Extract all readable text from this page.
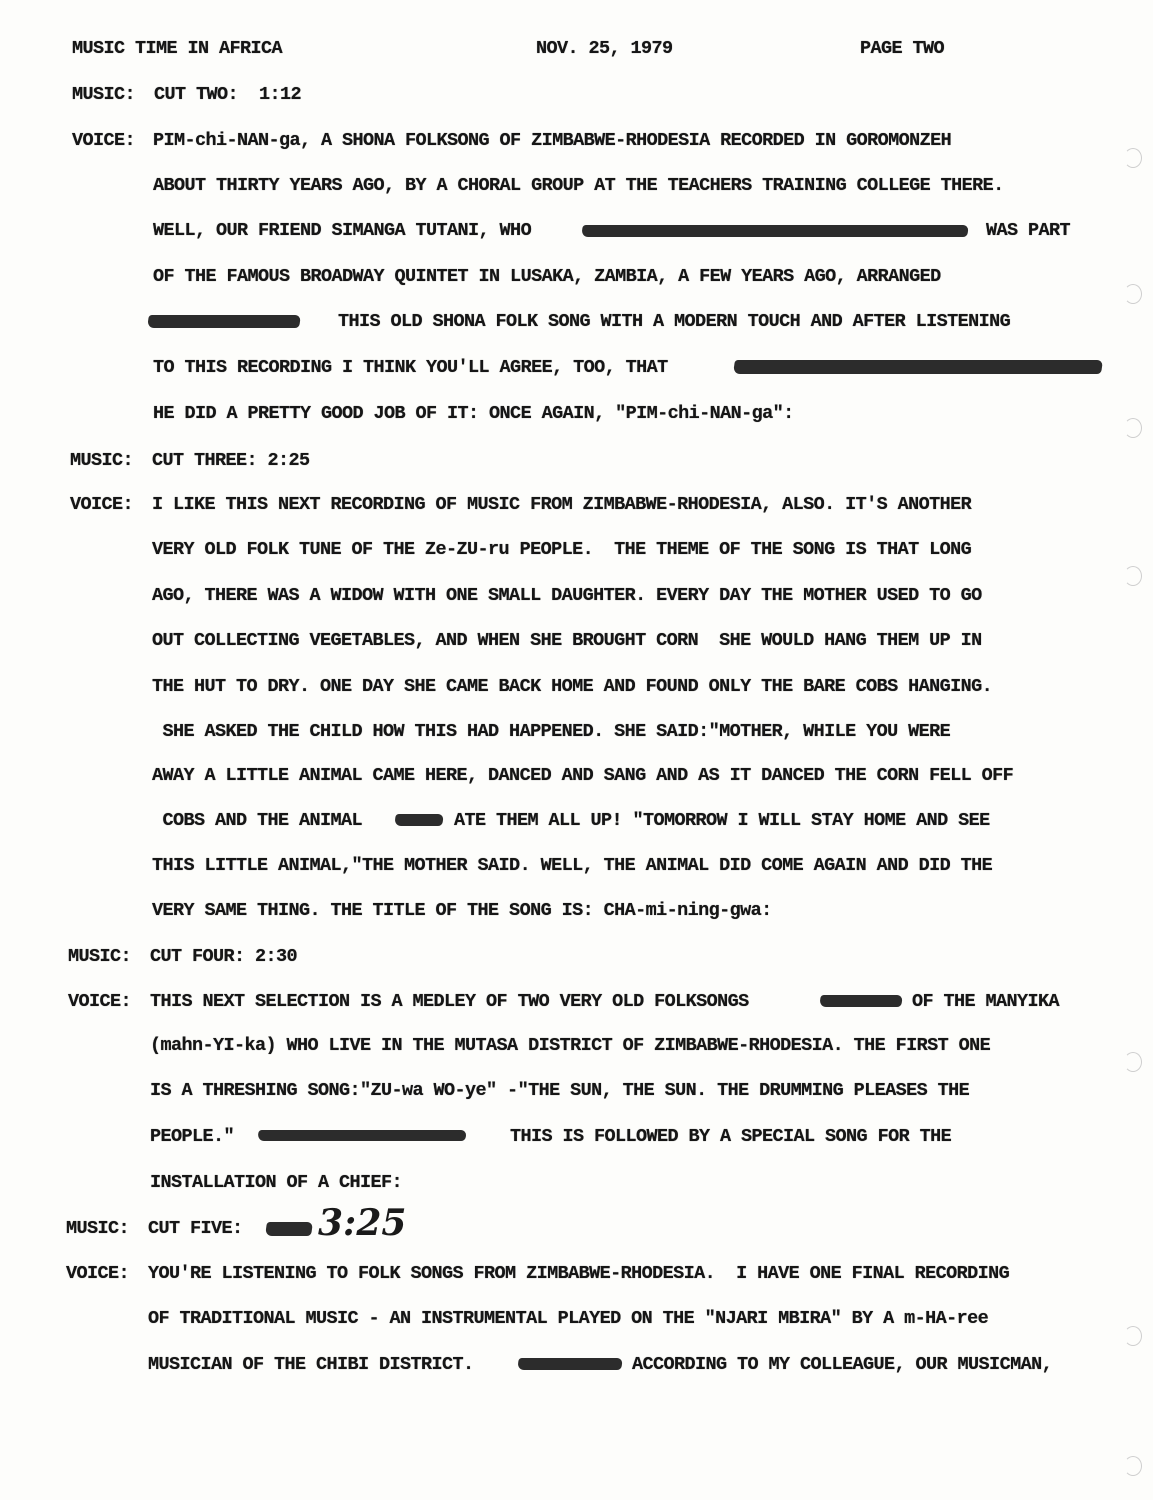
MUSIC TIME IN AFRICA	NOV. 25, 1979	PAGE TWO
MUSIC: CUT TWO:  1:12
VOICE: PIM-chi-NAN-ga, A SHONA FOLKSONG OF ZIMBABWE-RHODESIA RECORDED IN GOROMONZEH
ABOUT THIRTY YEARS AGO, BY A CHORAL GROUP AT THE TEACHERS TRAINING COLLEGE THERE.
WELL, OUR FRIEND SIMANGA TUTANI, WHO	WAS PART
OF THE FAMOUS BROADWAY QUINTET IN LUSAKA, ZAMBIA, A FEW YEARS AGO, ARRANGED
THIS OLD SHONA FOLK SONG WITH A MODERN TOUCH AND AFTER LISTENING
TO THIS RECORDING I THINK YOU'LL AGREE, TOO, THAT
HE DID A PRETTY GOOD JOB OF IT: ONCE AGAIN, "PIM-chi-NAN-ga":
MUSIC: CUT THREE: 2:25
VOICE: I LIKE THIS NEXT RECORDING OF MUSIC FROM ZIMBABWE-RHODESIA, ALSO. IT'S ANOTHER
VERY OLD FOLK TUNE OF THE Ze-ZU-ru PEOPLE.  THE THEME OF THE SONG IS THAT LONG
AGO, THERE WAS A WIDOW WITH ONE SMALL DAUGHTER. EVERY DAY THE MOTHER USED TO GO
OUT COLLECTING VEGETABLES, AND WHEN SHE BROUGHT CORN  SHE WOULD HANG THEM UP IN
THE HUT TO DRY. ONE DAY SHE CAME BACK HOME AND FOUND ONLY THE BARE COBS HANGING.
SHE ASKED THE CHILD HOW THIS HAD HAPPENED. SHE SAID:"MOTHER, WHILE YOU WERE
AWAY A LITTLE ANIMAL CAME HERE, DANCED AND SANG AND AS IT DANCED THE CORN FELL OFF
COBS AND THE ANIMAL	ATE THEM ALL UP! "TOMORROW I WILL STAY HOME AND SEE
THIS LITTLE ANIMAL,"THE MOTHER SAID. WELL, THE ANIMAL DID COME AGAIN AND DID THE
VERY SAME THING. THE TITLE OF THE SONG IS: CHA-mi-ning-gwa:
MUSIC: CUT FOUR: 2:30
VOICE: THIS NEXT SELECTION IS A MEDLEY OF TWO VERY OLD FOLKSONGS	OF THE MANYIKA
(mahn-YI-ka) WHO LIVE IN THE MUTASA DISTRICT OF ZIMBABWE-RHODESIA. THE FIRST ONE
IS A THRESHING SONG:"ZU-wa WO-ye" -"THE SUN, THE SUN. THE DRUMMING PLEASES THE
PEOPLE."	THIS IS FOLLOWED BY A SPECIAL SONG FOR THE
INSTALLATION OF A CHIEF:
MUSIC: CUT FIVE: 3:25
VOICE: YOU'RE LISTENING TO FOLK SONGS FROM ZIMBABWE-RHODESIA.  I HAVE ONE FINAL RECORDING
OF TRADITIONAL MUSIC - AN INSTRUMENTAL PLAYED ON THE "NJARI MBIRA" BY A m-HA-ree
MUSICIAN OF THE CHIBI DISTRICT.	ACCORDING TO MY COLLEAGUE, OUR MUSICMAN,
